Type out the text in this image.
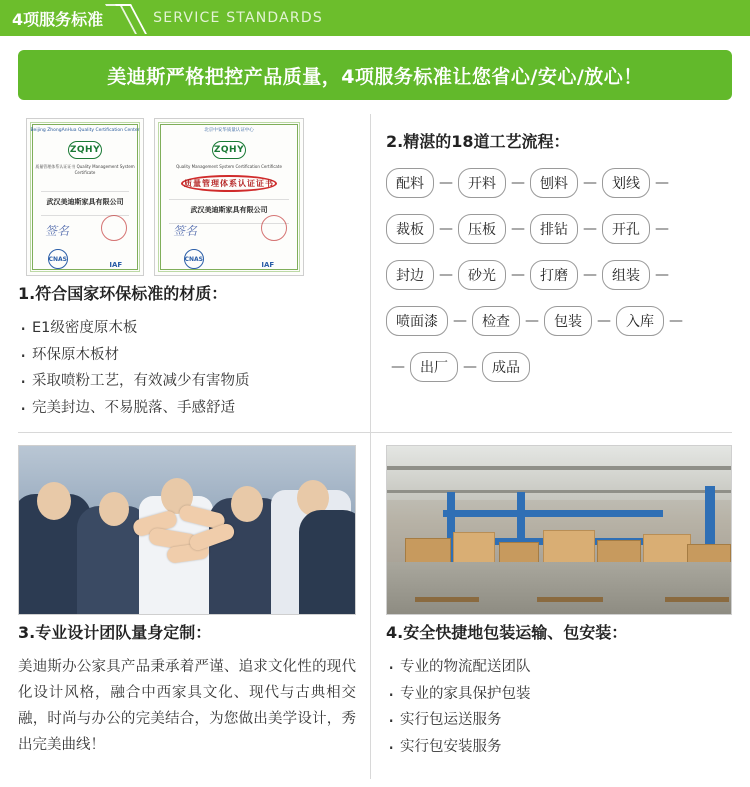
4项服务标准	SERVICE STANDARDS
美迪斯严格把控产品质量，4项服务标准让您省心/安心/放心！
Beijing ZhongAnHua Quality Certification Center
ZQHY
质量管理体系认证证书 Quality Management System Certificate
武汉美迪斯家具有限公司

签名
CNAS
IAF
北京中安华质量认证中心
ZQHY
Quality Management System Certification Certificate
质量管理体系认证证书
武汉美迪斯家具有限公司
签名
CNAS
IAF
1.符合国家环保标准的材质：
· E1级密度原木板
· 环保原木板材
· 采取喷粉工艺，有效减少有害物质
· 完美封边、不易脱落、手感舒适
2.精湛的18道工艺流程：
配料	—	开料	—	刨料	—	划线	—
裁板	—	压板	—	排钻	—	开孔	—
封边	—	砂光	—	打磨	—	组装	—
喷面漆	—	检查	—	包装	—	入库	—
—	出厂	—	成品
3.专业设计团队量身定制：

美迪斯办公家具产品秉承着严谨、追求文化性的现代化设计风格，融合中西家具文化、现代与古典相交融，时尚与办公的完美结合，为您做出美学设计，秀出完美曲线！

4.安全快捷地包装运输、包安装：
· 专业的物流配送团队
· 专业的家具保护包装
· 实行包运送服务
· 实行包安装服务
